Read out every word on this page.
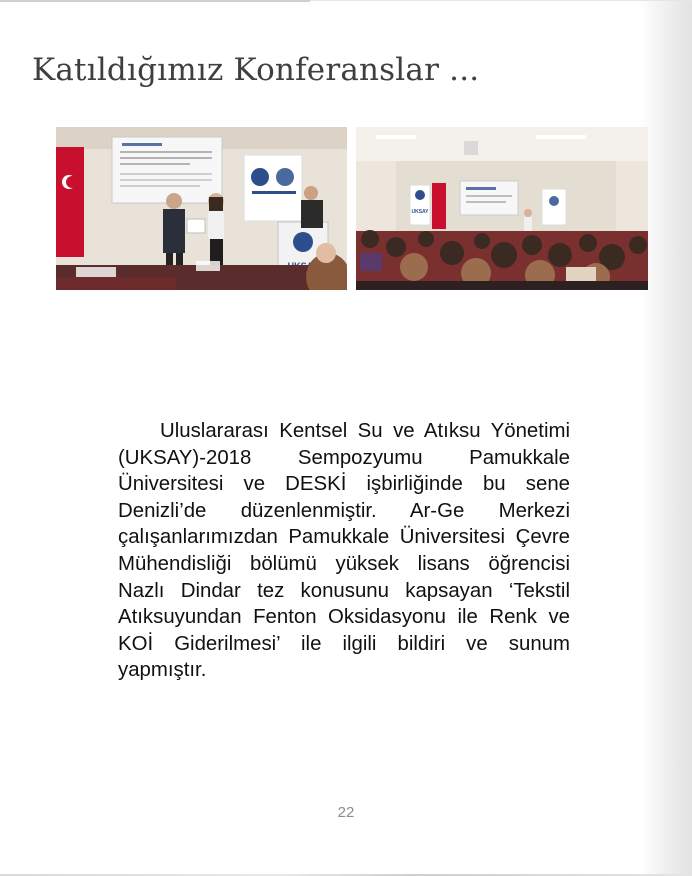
Katıldığımız Konferanslar ...
UKSAY

Uluslararası Kentsel Su ve Atıksu Yönetimi (UKSAY)-2018 Sempozyumu Pamukkale Üniversitesi ve DESKİ işbirliğinde bu sene Denizli’de düzenlenmiştir. Ar-Ge Merkezi çalışanlarımızdan Pamukkale Üniversitesi Çevre Mühendisliği bölümü yüksek lisans öğrencisi Nazlı Dindar tez konusunu kapsayan ‘Tekstil Atıksuyundan Fenton Oksidasyonu ile Renk ve KOİ Giderilmesi’ ile ilgili bildiri ve sunum yapmıştır.

22
